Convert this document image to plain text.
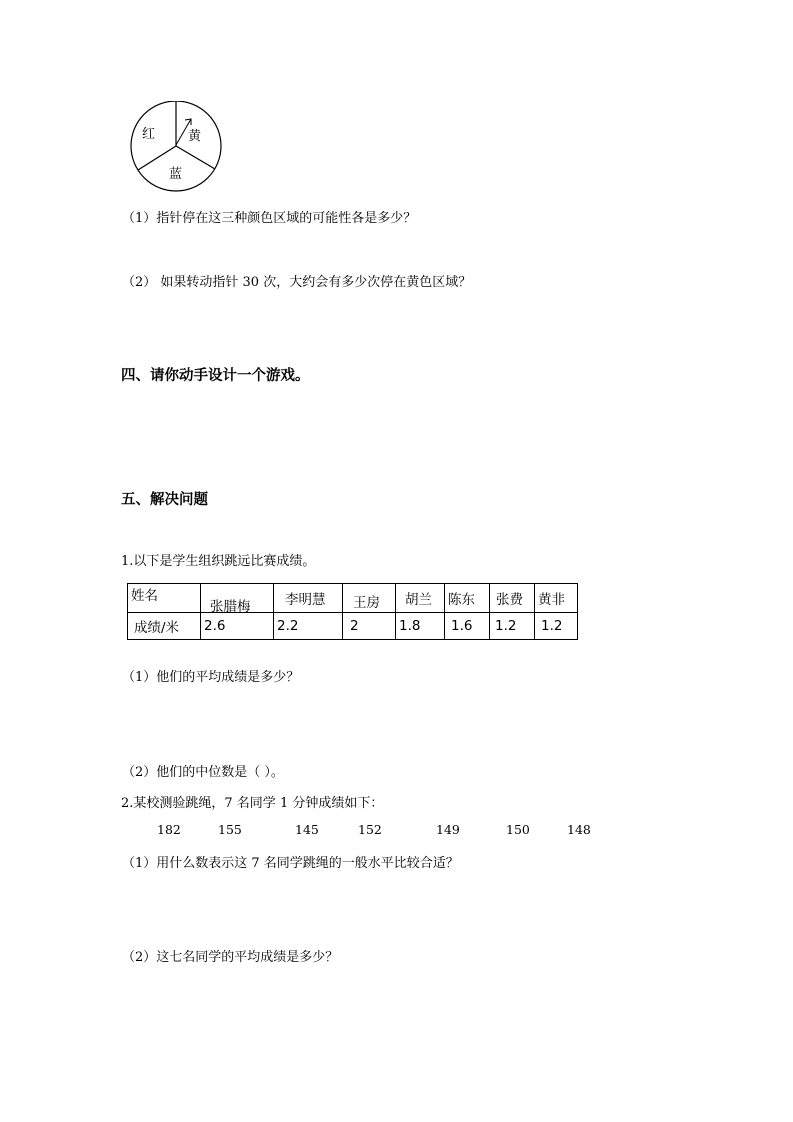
红	黄
蓝
（1）指针停在这三种颜色区域的可能性各是多少？
（2） 如果转动指针 30 次，大约会有多少次停在黄色区域？
四、请你动手设计一个游戏。
五、解决问题
1.以下是学生组织跳远比赛成绩。
姓名	张腊梅	李明慧	王房	胡兰	陈东	张费	黄非
成绩/米	2.6	2.2	2	1.8	1.6	1.2	1.2
（1）他们的平均成绩是多少？
（2）他们的中位数是（ ）。
2.某校测验跳绳，7 名同学 1 分钟成绩如下：
182	155	145	152	149	150	148
（1）用什么数表示这 7 名同学跳绳的一般水平比较合适？
（2）这七名同学的平均成绩是多少？
